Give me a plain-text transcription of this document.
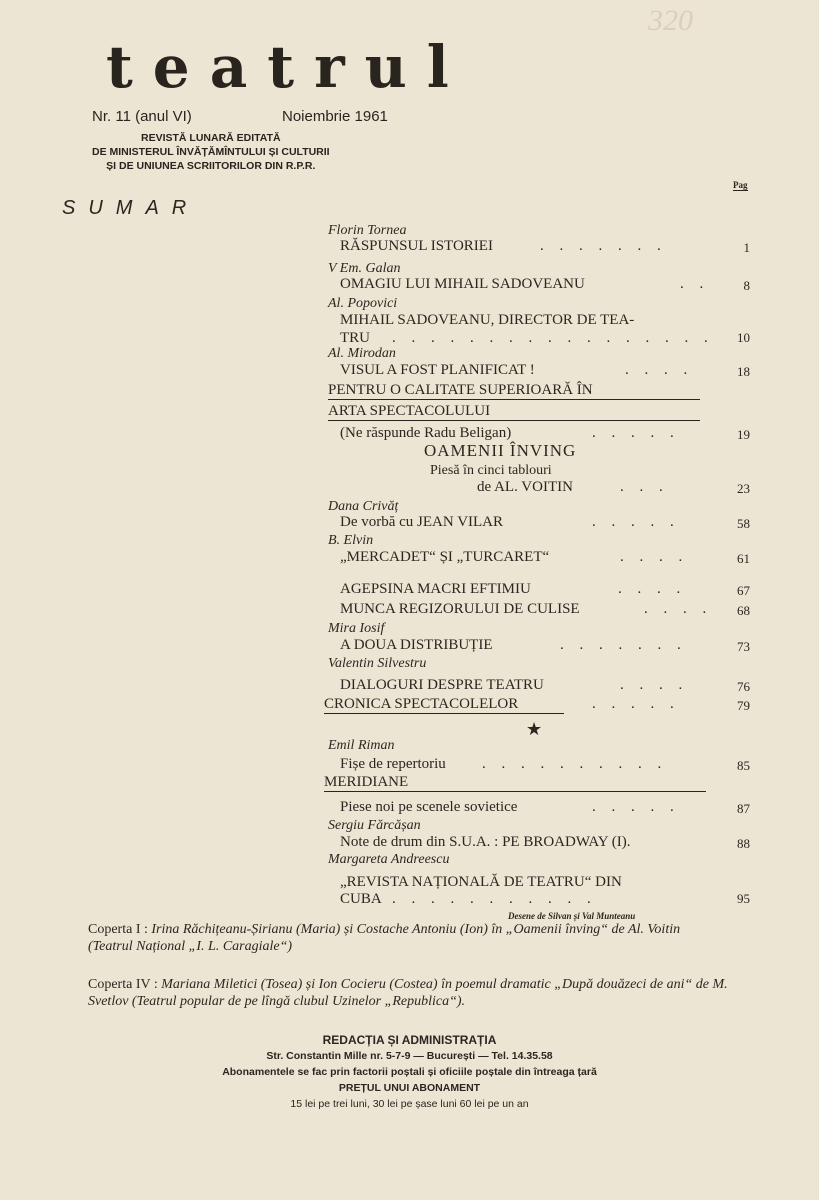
320
teatrul
Nr. 11 (anul VI)	Noiembrie 1961
REVISTĂ LUNARĂ EDITATĂ
DE MINISTERUL ÎNVĂȚĂMÎNTULUI ȘI CULTURII
ȘI DE UNIUNEA SCRIITORILOR DIN R.P.R.
Pag
SUMAR
Florin Tornea
RĂSPUNSUL ISTORIEI	. . . . . . .	1
V Em. Galan
OMAGIU LUI MIHAIL SADOVEANU	. .	8
Al. Popovici
MIHAIL SADOVEANU, DIRECTOR DE TEA-
TRU . . . . . . . . . . . . . . . . .	10
Al. Mirodan
VISUL A FOST PLANIFICAT !	. . . .	18
PENTRU O CALITATE SUPERIOARĂ ÎN
ARTA SPECTACOLULUI
(Ne răspunde Radu Beligan)	. . . . .	19
OAMENII ÎNVING
Piesă în cinci tablouri
de AL. VOITIN	. . .	23
Dana Crivăț
De vorbă cu JEAN VILAR	. . . . .	58
B. Elvin
„MERCADET“ ȘI „TURCARET“	. . . .	61
AGEPSINA MACRI EFTIMIU	. . . .	67
MUNCA REGIZORULUI DE CULISE	. . . .	68
Mira Iosif
A DOUA DISTRIBUȚIE	. . . . . . .	73
Valentin Silvestru
DIALOGURI DESPRE TEATRU	. . . .	76
CRONICA SPECTACOLELOR	. . . . .	79
★
Emil Riman
Fișe de repertoriu . . . . . . . . . .	85
MERIDIANE
Piese noi pe scenele sovietice	. . . . .	87
Sergiu Fărcășan
Note de drum din S.U.A. : PE BROADWAY (I).	88
Margareta Andreescu
„REVISTA NAȚIONALĂ DE TEATRU“ DIN
CUBA . . . . . . . . . . .	95
Desene de Silvan și Val Munteanu
Coperta I : Irina Răchițeanu-Șirianu (Maria) și Costache Antoniu (Ion) în „Oamenii înving“ de Al. Voitin (Teatrul Național „I. L. Caragiale“)
Coperta IV : Mariana Miletici (Tosea) și Ion Cocieru (Costea) în poemul dramatic „După douăzeci de ani“ de M. Svetlov (Teatrul popular de pe lîngă clubul Uzinelor „Republica“).
REDACȚIA ȘI ADMINISTRAȚIA
Str. Constantin Mille nr. 5-7-9 — București — Tel. 14.35.58
Abonamentele se fac prin factorii poștali și oficiile poștale din întreaga țară
PREȚUL UNUI ABONAMENT
15 lei pe trei luni, 30 lei pe șase luni 60 lei pe un an
